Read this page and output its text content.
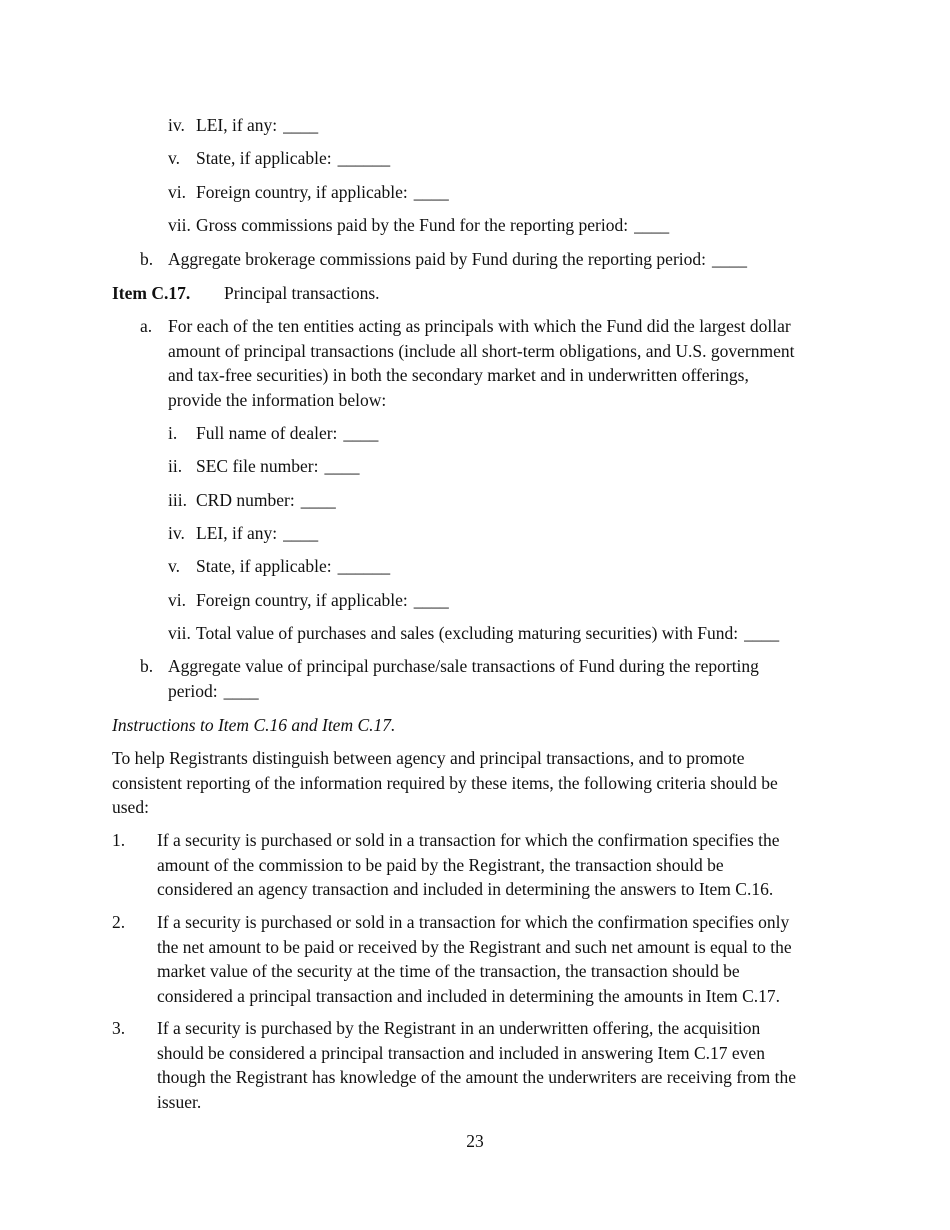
iv. LEI, if any: ____
v. State, if applicable: ______
vi. Foreign country, if applicable: ____
vii. Gross commissions paid by the Fund for the reporting period: ____
b. Aggregate brokerage commissions paid by Fund during the reporting period: ____
Item C.17. Principal transactions.
a. For each of the ten entities acting as principals with which the Fund did the largest dollar
amount of principal transactions (include all short-term obligations, and U.S. government
and tax-free securities) in both the secondary market and in underwritten offerings,
provide the information below:
i. Full name of dealer: ____
ii. SEC file number: ____
iii. CRD number: ____
iv. LEI, if any: ____
v. State, if applicable: ______
vi. Foreign country, if applicable: ____
vii. Total value of purchases and sales (excluding maturing securities) with Fund: ____
b. Aggregate value of principal purchase/sale transactions of Fund during the reporting
period: ____
Instructions to Item C.16 and Item C.17.
To help Registrants distinguish between agency and principal transactions, and to promote
consistent reporting of the information required by these items, the following criteria should be
used:
1. If a security is purchased or sold in a transaction for which the confirmation specifies the
amount of the commission to be paid by the Registrant, the transaction should be
considered an agency transaction and included in determining the answers to Item C.16.
2. If a security is purchased or sold in a transaction for which the confirmation specifies only
the net amount to be paid or received by the Registrant and such net amount is equal to the
market value of the security at the time of the transaction, the transaction should be
considered a principal transaction and included in determining the amounts in Item C.17.
3. If a security is purchased by the Registrant in an underwritten offering, the acquisition
should be considered a principal transaction and included in answering Item C.17 even
though the Registrant has knowledge of the amount the underwriters are receiving from the
issuer.
23
